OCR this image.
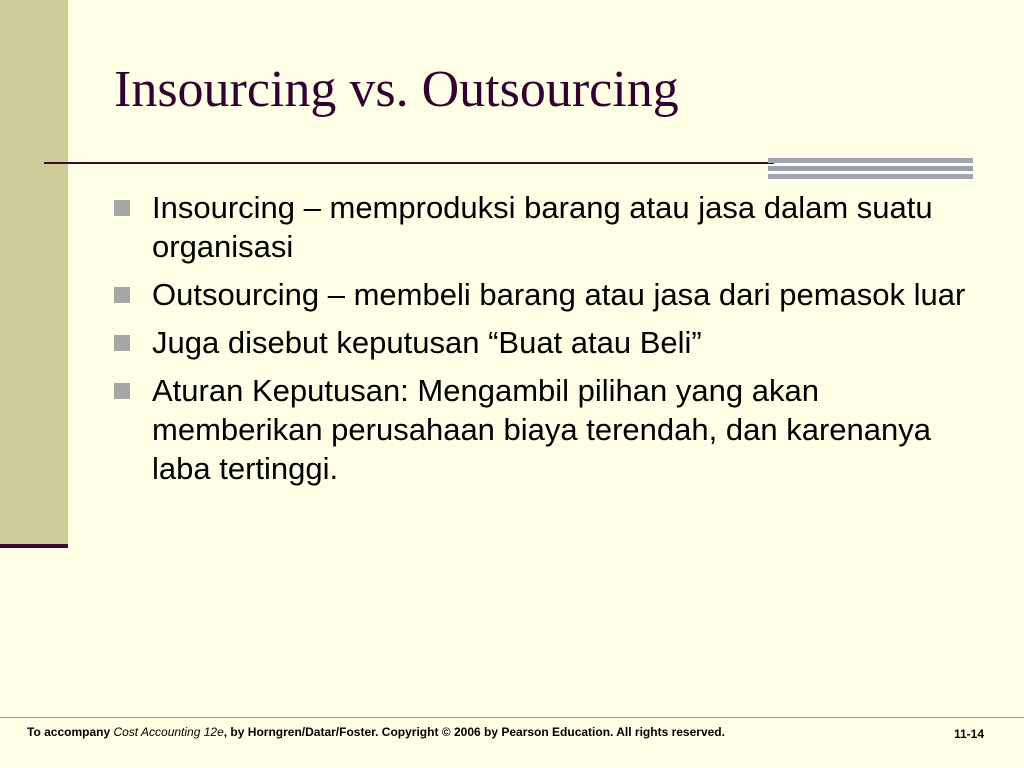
Insourcing vs. Outsourcing
Insourcing – memproduksi barang atau jasa dalam suatu organisasi
Outsourcing – membeli barang atau jasa dari pemasok luar
Juga disebut keputusan “Buat atau Beli”
Aturan Keputusan: Mengambil pilihan yang akan memberikan perusahaan biaya terendah, dan karenanya laba tertinggi.
To accompany Cost Accounting 12e, by Horngren/Datar/Foster. Copyright © 2006 by Pearson Education. All rights reserved.	11-14
